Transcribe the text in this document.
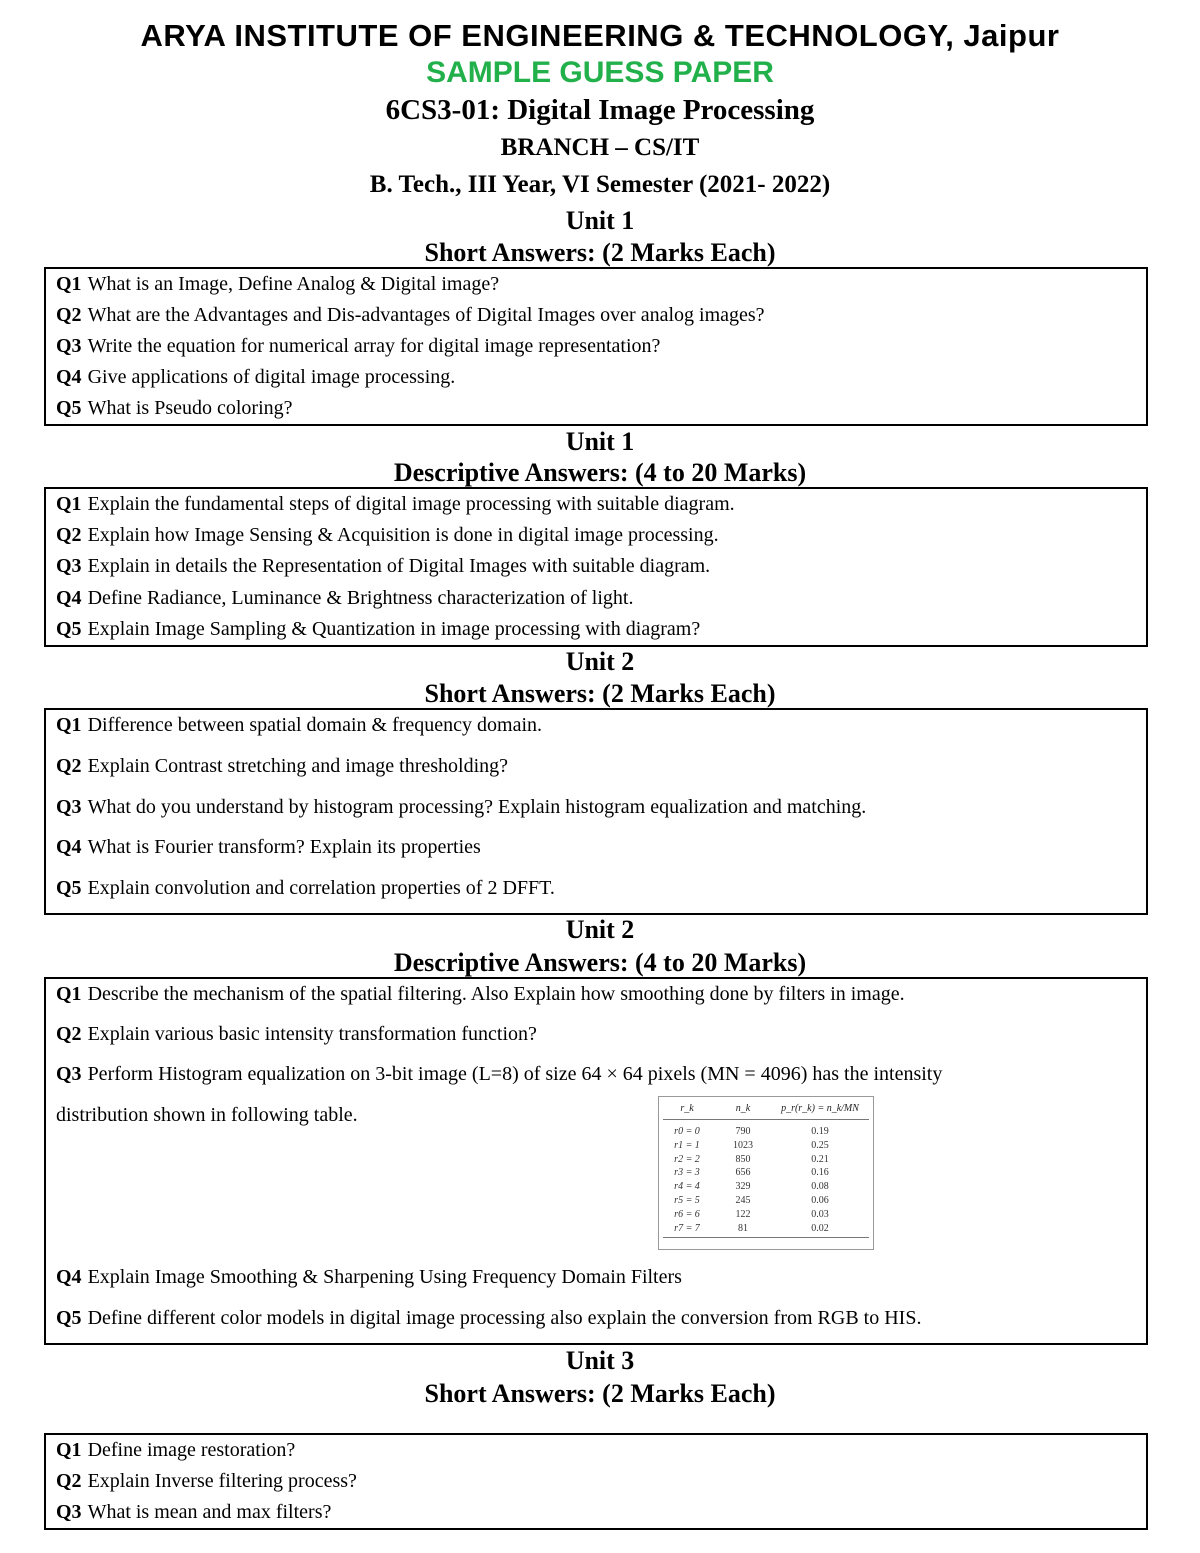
ARYA INSTITUTE OF ENGINEERING & TECHNOLOGY, Jaipur
SAMPLE GUESS PAPER
6CS3-01: Digital Image Processing
BRANCH – CS/IT
B. Tech., III Year, VI Semester (2021- 2022)
Unit 1
Short Answers: (2 Marks Each)
Q1 What is an Image, Define Analog & Digital image?
Q2 What are the Advantages and Dis-advantages of Digital Images over analog images?
Q3 Write the equation for numerical array for digital image representation?
Q4 Give applications of digital image processing.
Q5 What is Pseudo coloring?
Unit 1
Descriptive Answers: (4 to 20 Marks)
Q1 Explain the fundamental steps of digital image processing with suitable diagram.
Q2 Explain how Image Sensing & Acquisition is done in digital image processing.
Q3 Explain in details the Representation of Digital Images with suitable diagram.
Q4 Define Radiance, Luminance & Brightness characterization of light.
Q5 Explain Image Sampling & Quantization in image processing with diagram?
Unit 2
Short Answers: (2 Marks Each)
Q1 Difference between spatial domain & frequency domain.
Q2 Explain Contrast stretching and image thresholding?
Q3 What do you understand by histogram processing? Explain histogram equalization and matching.
Q4 What is Fourier transform? Explain its properties
Q5 Explain convolution and correlation properties of 2 DFFT.
Unit 2
Descriptive Answers: (4 to 20 Marks)
Q1 Describe the mechanism of the spatial filtering. Also Explain how smoothing done by filters in image.
Q2 Explain various basic intensity transformation function?
Q3 Perform Histogram equalization on 3-bit image (L=8) of size 64 × 64 pixels (MN = 4096) has the intensity
distribution shown in following table.	r_k	n_k	p_r(r_k) = n_k/MN
r0 = 0	790	0.19
r1 = 1	1023	0.25
r2 = 2	850	0.21
r3 = 3	656	0.16
r4 = 4	329	0.08
r5 = 5	245	0.06
r6 = 6	122	0.03
r7 = 7	81	0.02
Q4 Explain Image Smoothing & Sharpening Using Frequency Domain Filters
Q5 Define different color models in digital image processing also explain the conversion from RGB to HIS.
Unit 3
Short Answers: (2 Marks Each)
Q1 Define image restoration?
Q2 Explain Inverse filtering process?
Q3 What is mean and max filters?
